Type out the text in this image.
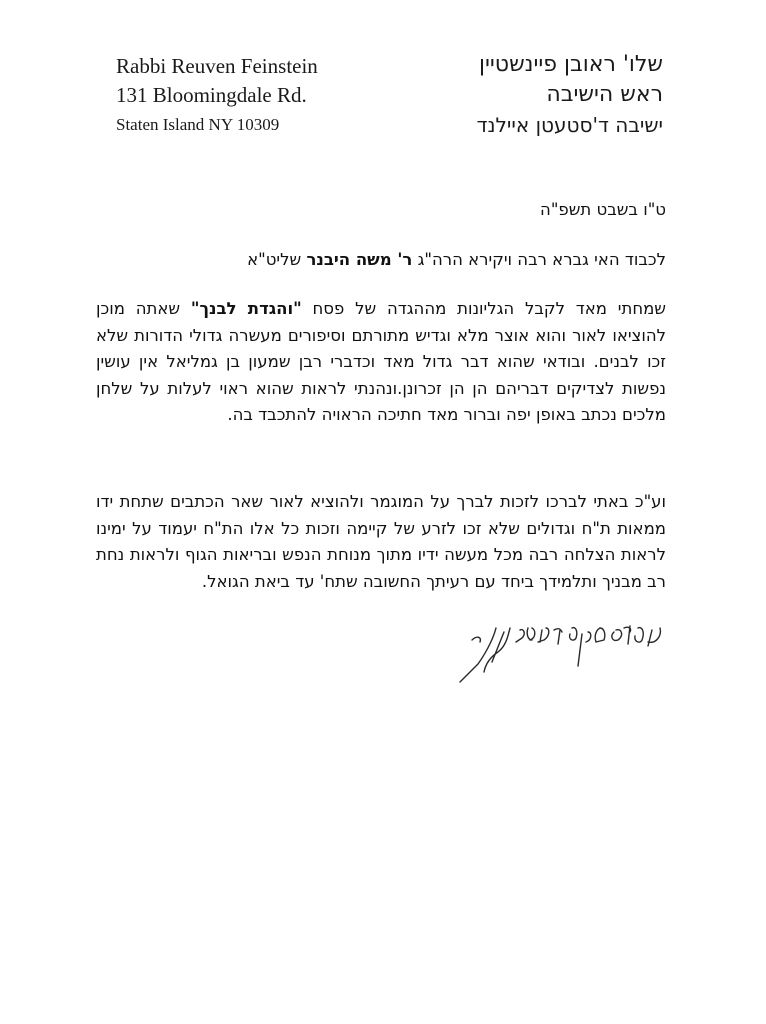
Rabbi Reuven Feinstein
131 Bloomingdale Rd.
Staten Island NY 10309
שלו' ראובן פיינשטיין
ראש הישיבה
ישיבה ד'סטעטן איילנד
ט"ו בשבט תשפ"ה
לכבוד האי גברא רבה ויקירא הרה"ג ר' משה היבנר שליט"א
שמחתי מאד לקבל הגליונות מההגדה של פסח "והגדת לבנך" שאתה מוכן להוציאו לאור והוא אוצר מלא וגדיש מתורתם וסיפורים מעשרה גדולי הדורות שלא זכו לבנים. ובודאי שהוא דבר גדול מאד וכדברי רבן שמעון בן גמליאל אין עושין נפשות לצדיקים דבריהם הן הן זכרונן.ונהנתי לראות שהוא ראוי לעלות על שלחן מלכים נכתב באופן יפה וברור מאד חתיכה הראויה להתכבד בה.
וע"כ באתי לברכו לזכות לברך על המוגמר ולהוציא לאור שאר הכתבים שתחת ידו ממאות ת"ח וגדולים שלא זכו לזרע של קיימה וזכות כל אלו הת"ח יעמוד על ימינו לראות הצלחה רבה מכל מעשה ידיו מתוך מנוחת הנפש ובריאות הגוף ולראות נחת רב מבניך ותלמידך ביחד עם רעיתך החשובה שתח' עד ביאת הגואל.
